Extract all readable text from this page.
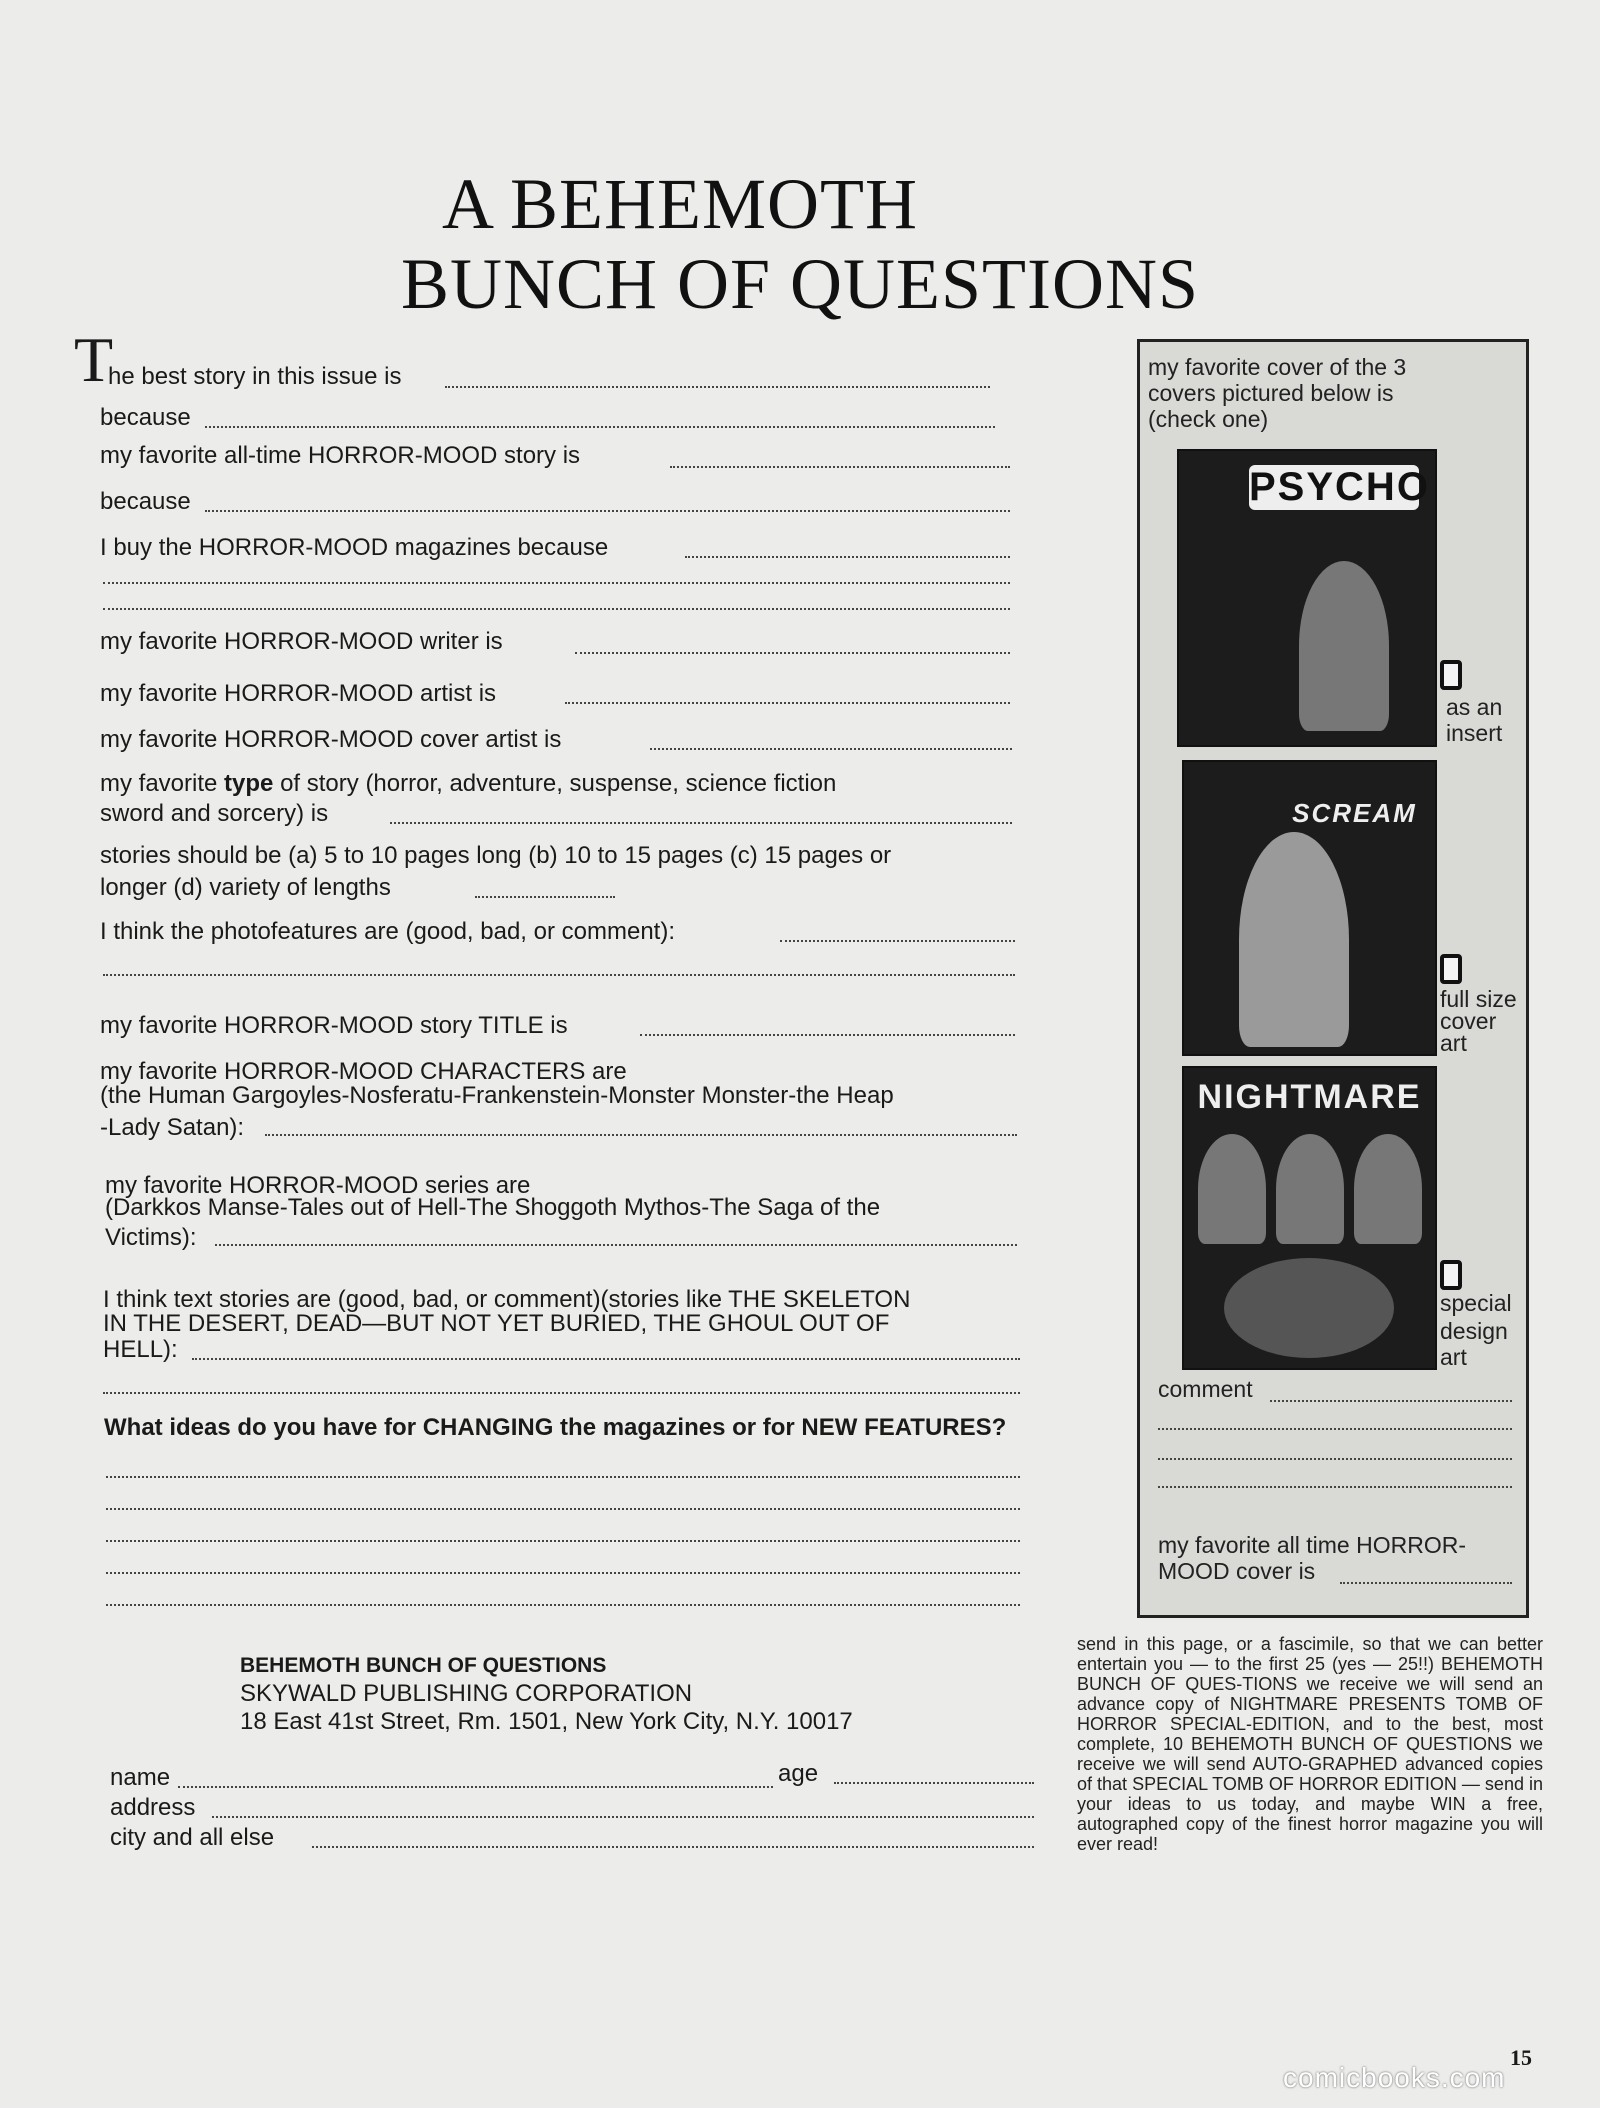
A BEHEMOTH
BUNCH OF QUESTIONS
T
he best story in this issue is
because
my favorite all-time HORROR-MOOD story is
because
I buy the HORROR-MOOD magazines because
my favorite HORROR-MOOD writer is
my favorite HORROR-MOOD artist is
my favorite HORROR-MOOD cover artist is
my favorite type of story (horror, adventure, suspense, science fiction
sword and sorcery) is
stories should be (a) 5 to 10 pages long (b) 10 to 15 pages (c) 15 pages or
longer (d) variety of lengths
I think the photofeatures are (good, bad, or comment):
my favorite HORROR-MOOD story TITLE is
my favorite HORROR-MOOD CHARACTERS are
(the Human Gargoyles-Nosferatu-Frankenstein-Monster Monster-the Heap
-Lady Satan):
my favorite HORROR-MOOD series are
(Darkkos Manse-Tales out of Hell-The Shoggoth Mythos-The Saga of the
Victims):
I think text stories are (good, bad, or comment)(stories like THE SKELETON
IN THE DESERT, DEAD—BUT NOT YET BURIED, THE GHOUL OUT OF
HELL):
What ideas do you have for CHANGING the magazines or for NEW FEATURES?
my favorite cover of the 3
covers pictured below is
(check one)
PSYCHO
as an
insert
SCREAM
full size
cover
art
NIGHTMARE
special
design
art
comment
my favorite all time HORROR-
MOOD cover is
BEHEMOTH BUNCH OF QUESTIONS
SKYWALD PUBLISHING CORPORATION
18 East 41st Street, Rm. 1501, New York City, N.Y. 10017
name	age
address
city and all else
send in this page, or a fascimile, so that we can better entertain you — to the first 25 (yes — 25!!) BEHEMOTH BUNCH OF QUES-TIONS we receive we will send an advance copy of NIGHTMARE PRESENTS TOMB OF HORROR SPECIAL-EDITION, and to the best, most complete, 10 BEHEMOTH BUNCH OF QUESTIONS we receive we will send AUTO-GRAPHED advanced copies of that SPECIAL TOMB OF HORROR EDITION — send in your ideas to us today, and maybe WIN a free, autographed copy of the finest horror magazine you will ever read!
15
comicbooks.com
